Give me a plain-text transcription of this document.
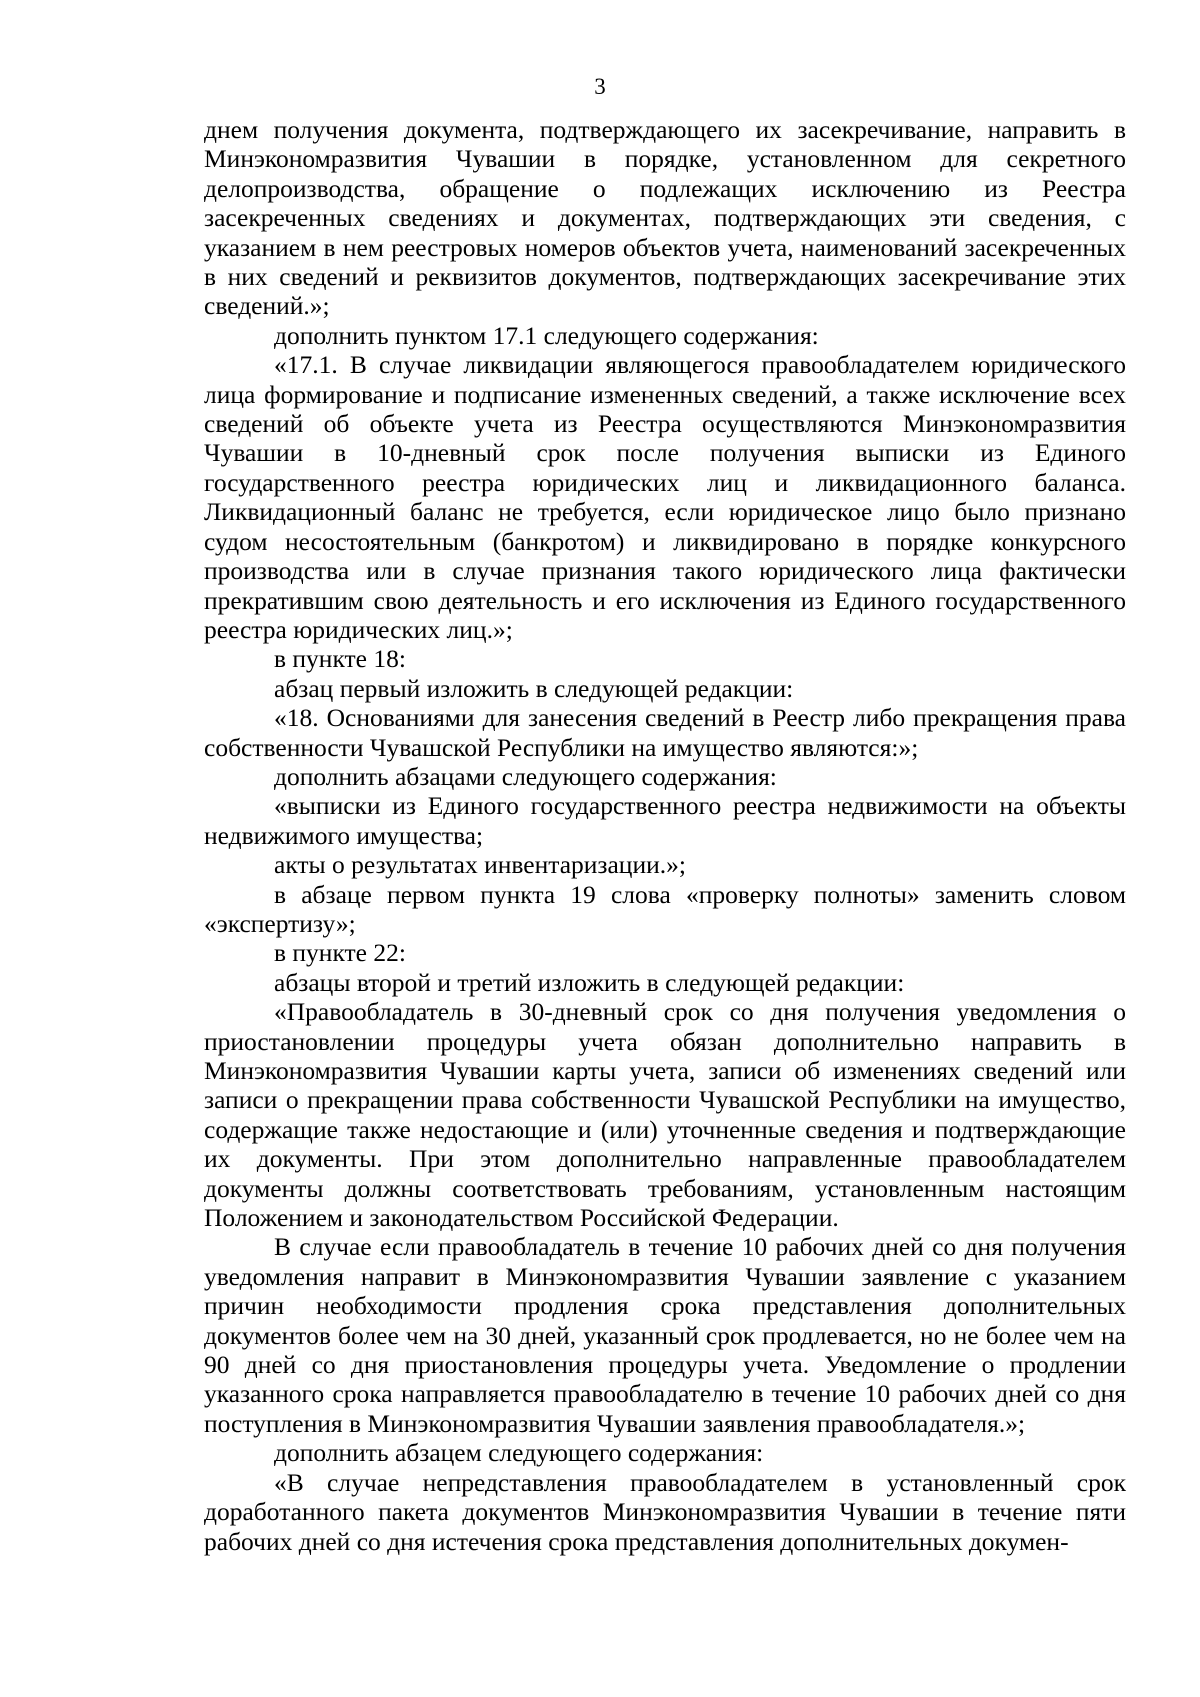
3

днем получения документа, подтверждающего их засекречивание, направить в Минэкономразвития Чувашии в порядке, установленном для секретного делопроизводства, обращение о подлежащих исключению из Реестра засекреченных сведениях и документах, подтверждающих эти сведения, с указанием в нем реестровых номеров объектов учета, наименований засекреченных в них сведений и реквизитов документов, подтверждающих засекречивание этих сведений.»;

дополнить пунктом 17.1 следующего содержания:

«17.1. В случае ликвидации являющегося правообладателем юридического лица формирование и подписание измененных сведений, а также исключение всех сведений об объекте учета из Реестра осуществляются Минэкономразвития Чувашии в 10-дневный срок после получения выписки из Единого государственного реестра юридических лиц и ликвидационного баланса. Ликвидационный баланс не требуется, если юридическое лицо было признано судом несостоятельным (банкротом) и ликвидировано в порядке конкурсного производства или в случае признания такого юридического лица фактически прекратившим свою деятельность и его исключения из Единого государственного реестра юридических лиц.»;

в пункте 18:

абзац первый изложить в следующей редакции:

«18. Основаниями для занесения сведений в Реестр либо прекращения права собственности Чувашской Республики на имущество являются:»;

дополнить абзацами следующего содержания:

«выписки из Единого государственного реестра недвижимости на объекты недвижимого имущества;

акты о результатах инвентаризации.»;

в абзаце первом пункта 19 слова «проверку полноты» заменить словом «экспертизу»;

в пункте 22:

абзацы второй и третий изложить в следующей редакции:

«Правообладатель в 30-дневный срок со дня получения уведомления о приостановлении процедуры учета обязан дополнительно направить в Минэкономразвития Чувашии карты учета, записи об изменениях сведений или записи о прекращении права собственности Чувашской Республики на имущество, содержащие также недостающие и (или) уточненные сведения и подтверждающие их документы. При этом дополнительно направленные правообладателем документы должны соответствовать требованиям, установленным настоящим Положением и законодательством Российской Федерации.

В случае если правообладатель в течение 10 рабочих дней со дня получения уведомления направит в Минэкономразвития Чувашии заявление с указанием причин необходимости продления срока представления дополнительных документов более чем на 30 дней, указанный срок продлевается, но не более чем на 90 дней со дня приостановления процедуры учета. Уведомление о продлении указанного срока направляется правообладателю в течение 10 рабочих дней со дня поступления в Минэкономразвития Чувашии заявления правообладателя.»;

дополнить абзацем следующего содержания:

«В случае непредставления правообладателем в установленный срок доработанного пакета документов Минэкономразвития Чувашии в течение пяти рабочих дней со дня истечения срока представления дополнительных докумен-
